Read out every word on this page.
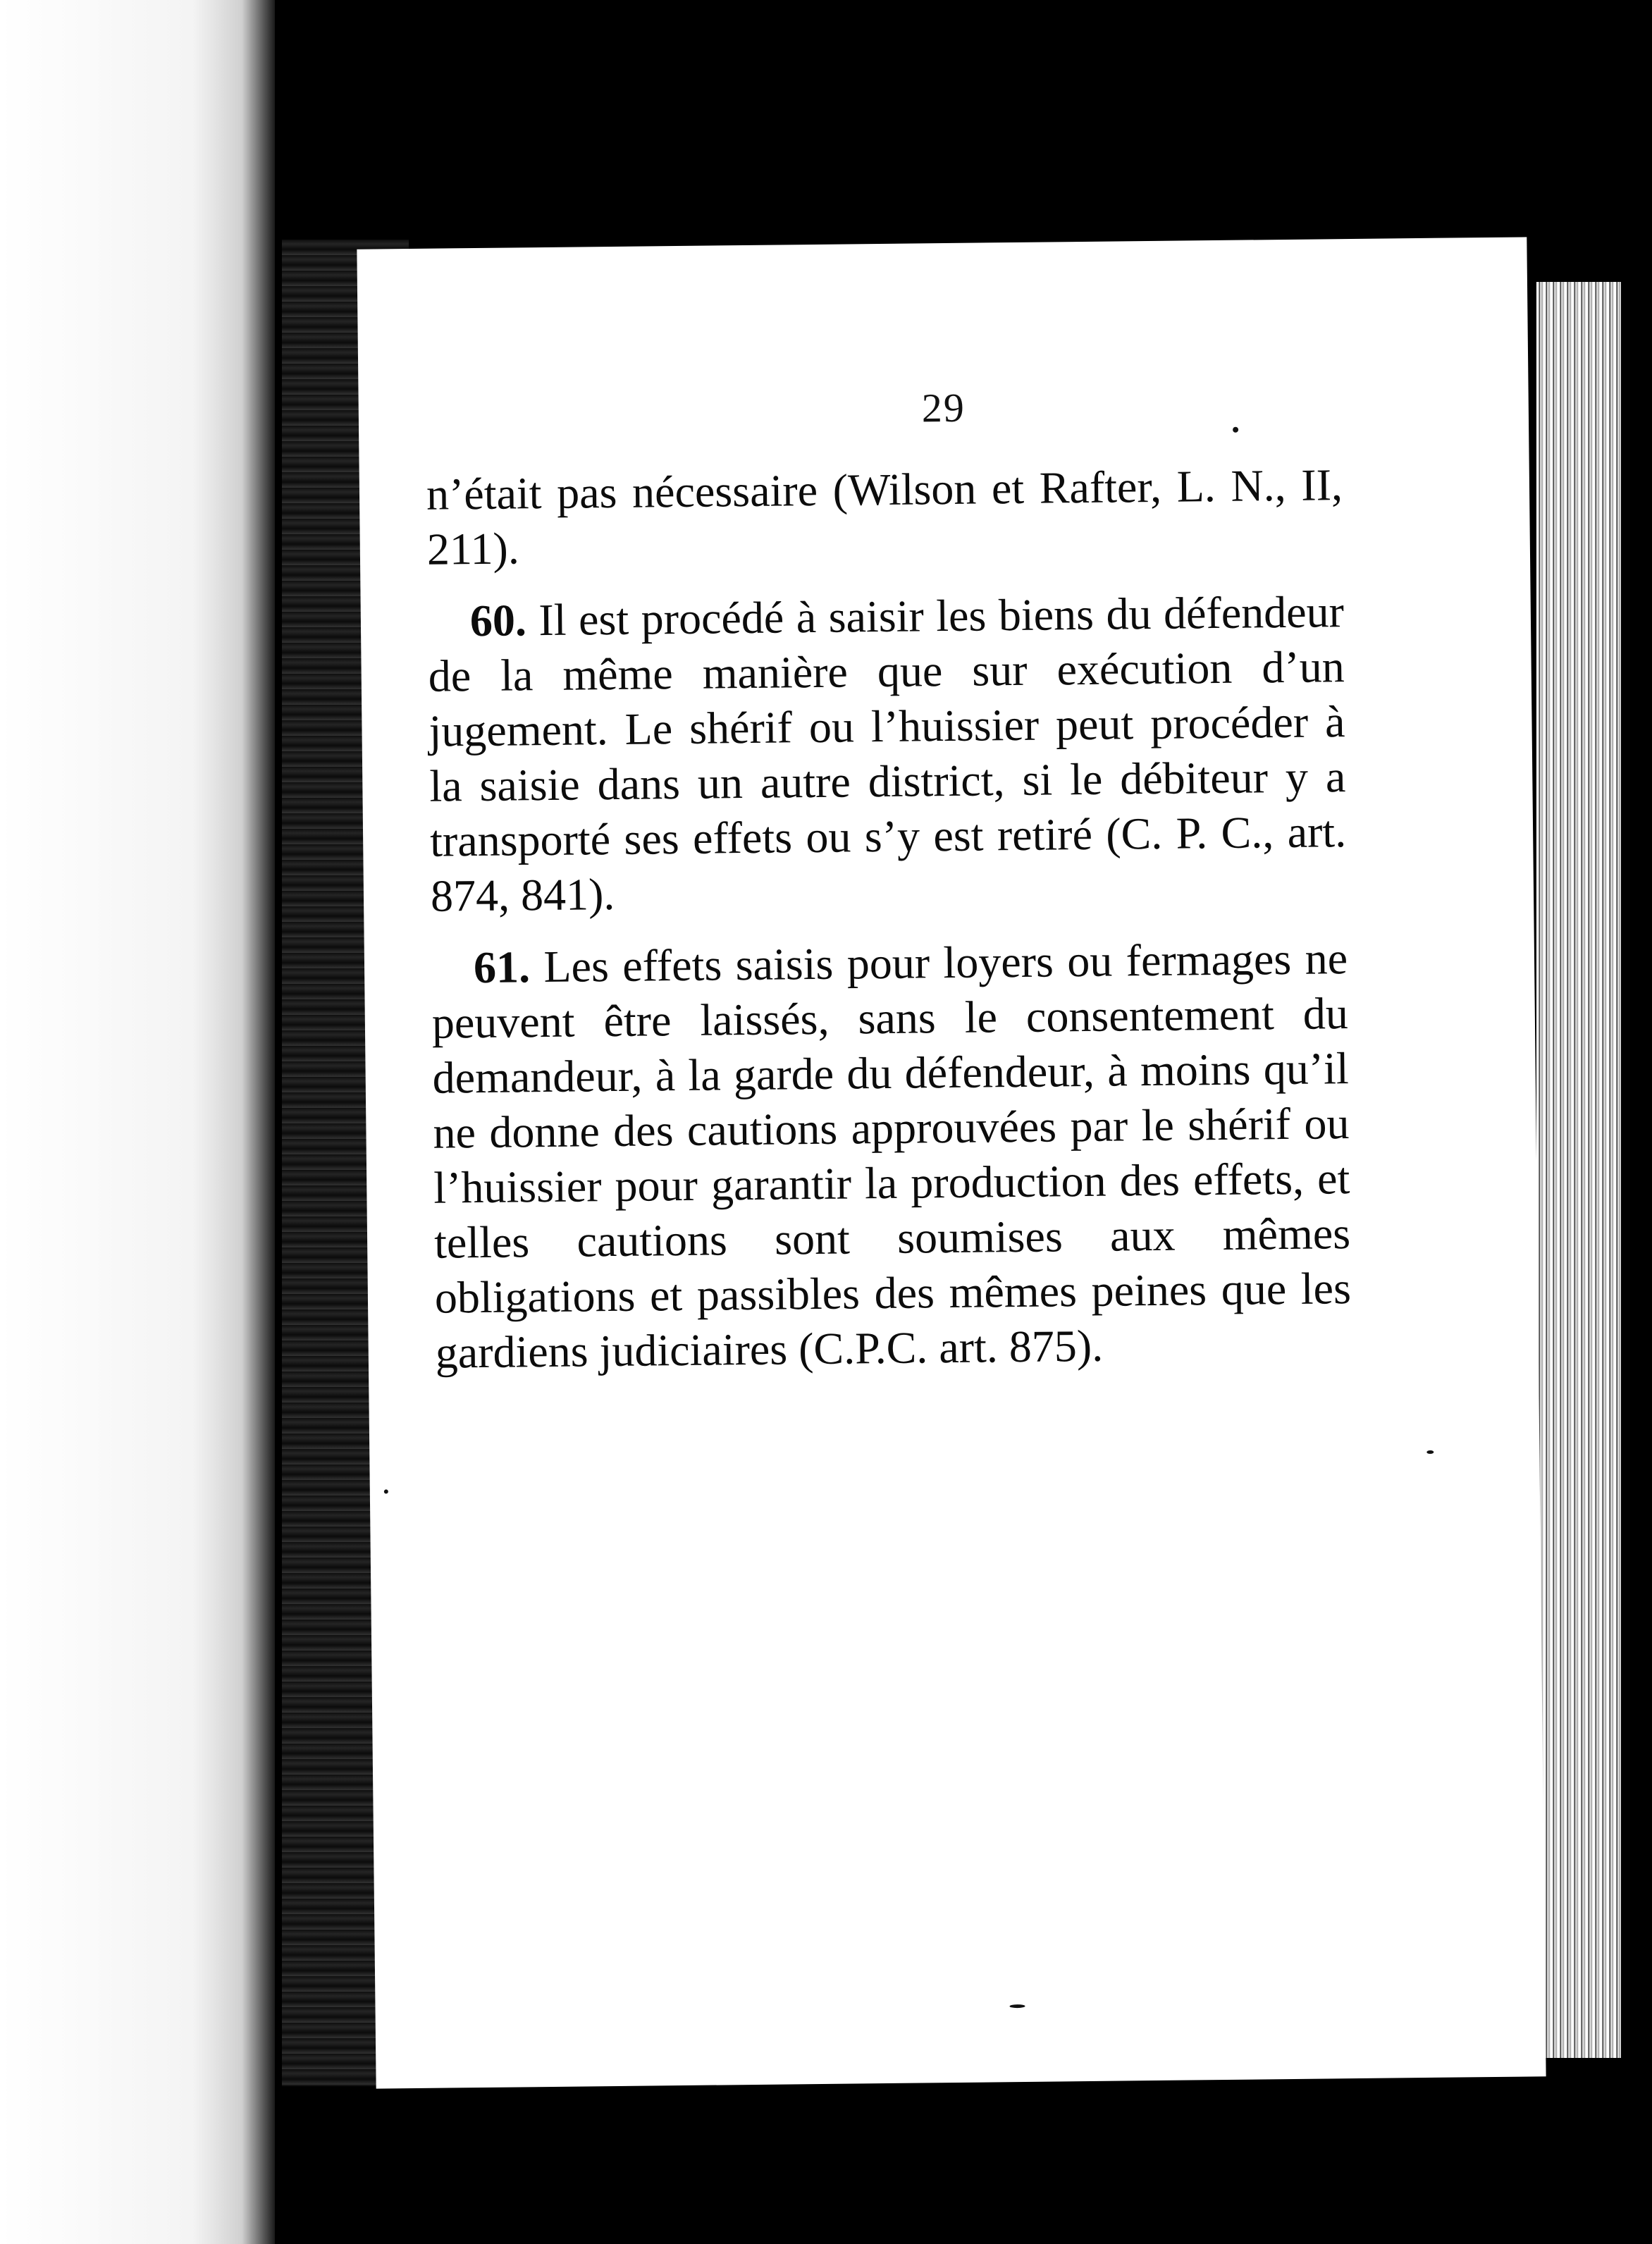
29

n’était pas nécessaire (Wilson et Rafter, L. N., II, 211).

60. Il est procédé à saisir les biens du défendeur de la même manière que sur exécution d’un jugement. Le shérif ou l’huissier peut procéder à la saisie dans un autre district, si le débiteur y a transporté ses effets ou s’y est retiré (C. P. C., art. 874, 841).

61. Les effets saisis pour loyers ou fermages ne peuvent être laissés, sans le consentement du demandeur, à la garde du défendeur, à moins qu’il ne donne des cautions approuvées par le shérif ou l’huissier pour garantir la production des effets, et telles cautions sont soumises aux mêmes obligations et passibles des mêmes peines que les gardiens judiciaires (C.P.C. art. 875).
